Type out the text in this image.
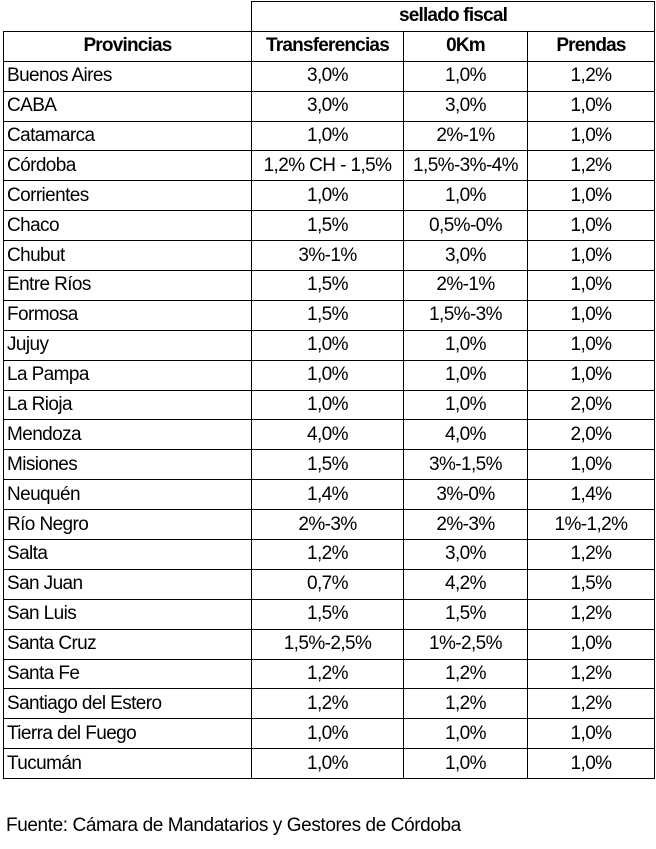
	sellado fiscal		
Provincias	Transferencias	0Km	Prendas
Buenos Aires	3,0%	1,0%	1,2%
CABA	3,0%	3,0%	1,0%
Catamarca	1,0%	2%-1%	1,0%
Córdoba	1,2% CH - 1,5%	1,5%-3%-4%	1,2%
Corrientes	1,0%	1,0%	1,0%
Chaco	1,5%	0,5%-0%	1,0%
Chubut	3%-1%	3,0%	1,0%
Entre Ríos	1,5%	2%-1%	1,0%
Formosa	1,5%	1,5%-3%	1,0%
Jujuy	1,0%	1,0%	1,0%
La Pampa	1,0%	1,0%	1,0%
La Rioja	1,0%	1,0%	2,0%
Mendoza	4,0%	4,0%	2,0%
Misiones	1,5%	3%-1,5%	1,0%
Neuquén	1,4%	3%-0%	1,4%
Río Negro	2%-3%	2%-3%	1%-1,2%
Salta	1,2%	3,0%	1,2%
San Juan	0,7%	4,2%	1,5%
San Luis	1,5%	1,5%	1,2%
Santa Cruz	1,5%-2,5%	1%-2,5%	1,0%
Santa Fe	1,2%	1,2%	1,2%
Santiago del Estero	1,2%	1,2%	1,2%
Tierra del Fuego	1,0%	1,0%	1,0%
Tucumán	1,0%	1,0%	1,0%
Fuente: Cámara de Mandatarios y Gestores de Córdoba
